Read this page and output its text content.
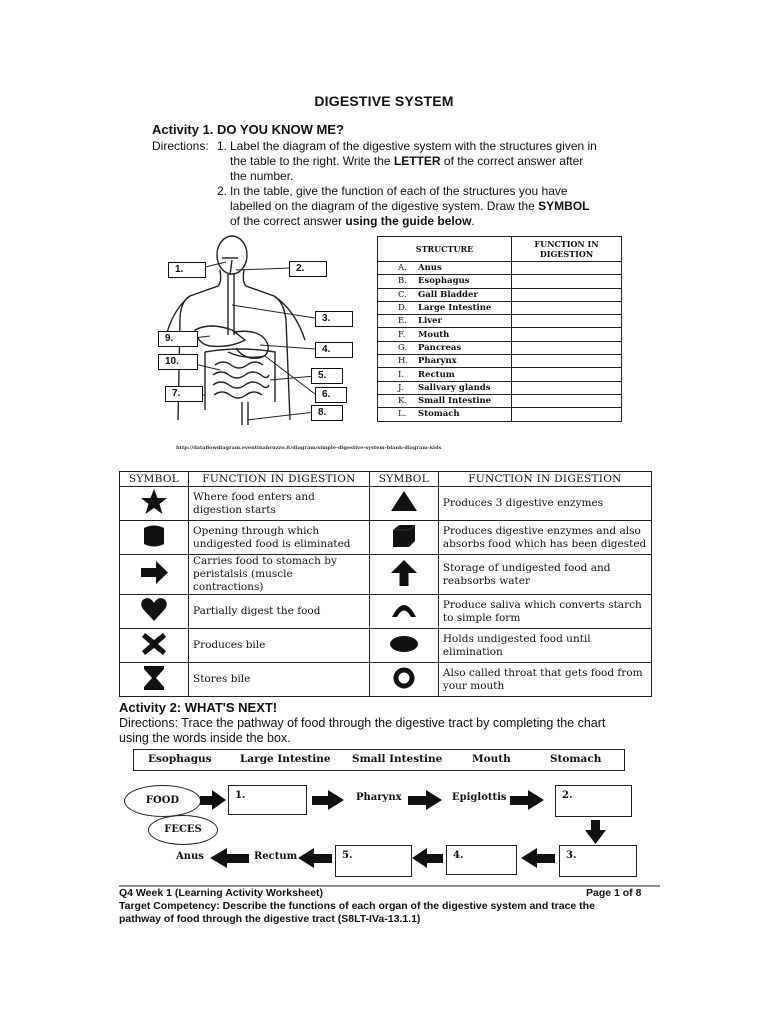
DIGESTIVE SYSTEM
Activity 1. DO YOU KNOW ME?
Directions: 1. Label the diagram of the digestive system with the structures given in
the table to the right. Write the LETTER of the correct answer after
the number.
2. In the table, give the function of each of the structures you have
labelled on the diagram of the digestive system. Draw the SYMBOL
of the correct answer using the guide below.
1.	2.
3.
4.
5.
6.
7.
8.
9.
10.
STRUCTURE		FUNCTION IN DIGESTION
A.	Anus	
B.	Esophagus	
C.	Gall Bladder	
D.	Large Intestine	
E.	Liver	
F.	Mouth	
G.	Pancreas	
H.	Pharynx	
I.	Rectum	
J.	Salivary glands	
K.	Small Intestine	
L.	Stomach	
http://dataflowdiagram.eventinabruzzo.it/diagram/simple-digestive-system-blank-diagram-kids
SYMBOL	FUNCTION IN DIGESTION	SYMBOL	FUNCTION IN DIGESTION
	Where food enters and digestion starts		Produces 3 digestive enzymes
	Opening through which undigested food is eliminated		Produces digestive enzymes and also absorbs food which has been digested
	Carries food to stomach by peristalsis (muscle contractions)		Storage of undigested food and reabsorbs water
	Partially digest the food		Produce saliva which converts starch to simple form
	Produces bile		Holds undigested food until elimination
	Stores bile		Also called throat that gets food from your mouth
Activity 2: WHAT'S NEXT!
Directions: Trace the pathway of food through the digestive tract by completing the chart
using the words inside the box.
Esophagus	Large Intestine Small Intestine	Mouth	Stomach
FOOD
FECES
1.	Pharynx	Epiglottis	2.
3.
4.
5.
Rectum
Anus
Q4 Week 1 (Learning Activity Worksheet)	Page 1 of 8
Target Competency: Describe the functions of each organ of the digestive system and trace the
pathway of food through the digestive tract (S8LT-IVa-13.1.1)
